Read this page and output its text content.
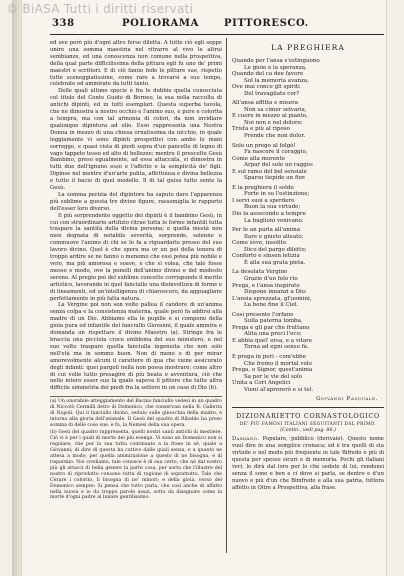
© BiASA Tutti i diritti riservati
338	POLIORAMA	PITTORESCO.

ed ove però più d'ogni altro forse diletta. A tutto ciò egli seppe unire una somma maestria nel ritrarre al vivo le altrui sembianze, ed una conoscenza non comune nella prospettiva, della qual parte difficilissima della pittura egli fu uno de' primi maestri e scrittori. E di ciò fanno fede le pitture sue, rispetto tutte sceneggiatissime, come rare a trovarsi a suo tempo, celebrate ed ammirate da tutti tanto.

Delle quali ultime specie è fra le dubbie quella conosciuta col titolo del Conte Guido di Borneo, la sua nella raccolta di antichi dipinti, ed in tutti esemplari. Questa superba tavola, che ne dimostra a nostro occhio e l'animo suo, e pure e colorita a tempra, ma con tal armonia di colori, da non invidiare qualunque dipintura ad olio. Esso rappresenta una Nostra Donna in mezzo di una chiesa ornatissima da nicchie, in quale leggiamente vi sono dipinti prospettivi con ambo le mani sorregge, e quasi vista di piedi sopra d'un pancello di legno di vago tappeto tesso ed alto di bellezze; mentre il prescelto Gesù Bambino, preso egualmente, ad essa attaccata, si dimostra in tutti due dell'ignuno esso e l'affetto e la semplicità de' figli. Dipinse nel mentre d'un'arte pulita, affettuosa e divina bellezza e tutto il bacio di quel modello. Il di tal guisa tutto sente la Gesù.

La somma perizia del dipintore ha saputo dare l'apparenza più sublime a questa tre divine figure, rassomiglia le rapporto dell'esser loro diverso.

Il più sorprendente oggetto dei dipinti è il bambino Gesù, in cui con straordinario artifizio ritrae tutta le forme infantili tutta traspare la santità della divina persona; e quella mestà non men degnata di notabile severità, sorprende, solenne e commuove l'animo di chi se lo fa a riguardarlo presso del suo lavoro divino. Quel è che spera ma or un poi della tenera di troppo ardire se ne fanno o menomo che essi potea più nobile e vero, ma più amorosa e soave, e che si volea, che tale fosse messo e modo, ove la ponelli dell'animo divino e del modesto sereno. Al pregio poi del sublime concetto corrisponde il merito artistico, lavorando in quel fanciullo una disinvoltura di forme e di lineamenti, ed un'intelligenza di chiaroscuro, da agguagliare perfettamente in più fatta natura.

La Vergine poi non son volte pallea il candore di un'anima senza colpa e la consistenza materna, quale però fa addirsi alla madre di un Dio. Abbiamo ella le pupille e si compone della gioia pura ed infantile del fanciullo Giovanni, il quale ammira o domanda un rispettare il divino Maestro (a). Stringe fra le braccia una picciola croce emblema del suo ministero, e nel suo volto traspare quella fanciulla ingenuita che non solo nell'età ma in sommo buon. Non di meno o di per mirar amorevolmente alcuni il carattere di qua che viene assicurato degli infanti: quei pargoli nella non possa mostrare; come altro di cui volle tutto presagire di più beata e avventura, ciò che nello intero esser suo la quale sapeva il pittore che tutte altra difficile simmetria dei piedi fra la settore in un caso di Dio (b).

(a) Un onorabile atteggiamento del Bacino fanciullo vedesi in un quadro di Niccolò Cermilli detto di Domenico, che conservasi nella R. Galleria di Napoli. Qui il fanciullo divino, seduto sulle ginocchia della madre, è intorno alla gloria dell'animale. Il Gesù del quadro di Ribaldo ha preso somma di delle cose sue, e fu, la Nemesi della sua opera.

(b) Gesù del quadro rappresenta, quelli nostri santi antichi di mestiere. Ciò vi è per i quali di morte dei più esempi. Vi sono un Domenico non si regolare; che per la sua tutta continuato a la frase in sè, quale a Giovanni; di dire di questa ha cattivo dalle quali senza, e a quanto ne attesa a modo, per quella ammirazione a questo di ne bisogna, e di risparmio. Noi crediamo, tale conosce è di sua certo; che né dal nostro più gli attacci di bella genere la parte cosa, per sorta che l'illustre del nostro di riprodotto consono tutta di ragione di soprattutto. Tale che Cerare i colorito, li bisogna di ne' minori; e della gioia, verso del Domenico sempre: Si pensa che tutto parla, che così anche di affatto nella nuova e io da troppo parole assai, sotto da disegnare come la morte d'ogni padre al lunare gentilissimo.

LA PREGHIERA

Quando per l'ansa s'estinguono

Le gioie e la speranza,

Quando del ca dee favore

Sol la memoria avanza,

Ove mai conce gli spiriti

Del travagliato cor?

All'ansa affitta e misera

Non sa cimer selvaria,

E cuore in mezzo al pianto,

Noi non e nel dolore:

Trista e più al riposo

Prende che non dolor.

Solo un prego al folgò!

Fa nascere il coraggio,

Come alla morente

Arpar del sole un raggio:

E sul ramo del bel sensiale

Sparso tiepido un fior.

E la preghiera il soldo

Forte in su l'estinzione;

I servi suoi a sperdere

Buon la sua virtude;

Dio la assecondo a tempre

La baglioni venivano.

Per le an parla all'anima

Ilare e giusto alleato;

Come sòve, insolito

Dico del pargo diletto;

Conforto e sinsen letizia

È alla sua grata pieta.

La desolata Vergine

Grazie d'un felo rio

Prega, e l'ansa inspirato

Dispone innanzi a Dio:

L'ansia sprezzata, gl'uomini,

La bene fine il Ciel.

Così presente l'orfano

Sulla paterna tomba,

Prega e gli par che fruttano

Alita una preci l'eco;

E abbia quel' orsa, e a vitare

Torna ad egni senso fà.

E prega in peri - com'ebbe

Che fremo il mortal volo

Prega, o Signor, quest'anima

Sa per le vie del solo

Unita a Cori Angelici

Vieni al'aprorerò e si tel.

Giovanni Pasquale.
DIZIONARIETTO CORNASTOLOGICO
DE' PIÙ FAMOSI ITALIANI SEGUITANTI DAL PRIMO.
(Contin., vedi pag. 80.)

Damiano. Populare, pubblico (derivaio). Questo nome vuol dire in una semplice cronaca; ed è tra quelli di sta virtude e nel modo più frequente in tale Bifredo e più di questa per spesso sicuri e di memoria. Pochi gli italiani veri, le dirà dal loro per lo che sedute di lui, rendonsi senza il sono e ben e ci dove si parla, se dentro e d'un nuovo e più d'un che Bimfredo e alla sua patria, tuttora affetto in Oltre a Prospettiva, alla frase.
